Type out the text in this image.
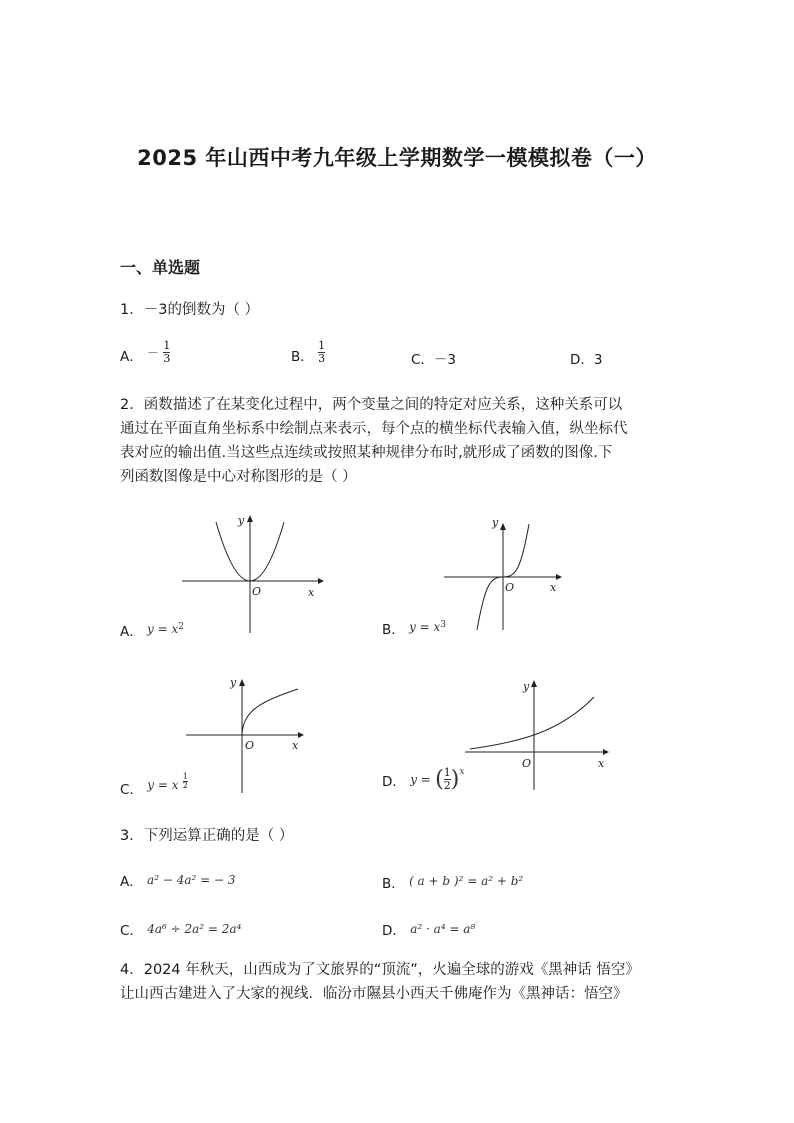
2025 年山西中考九年级上学期数学一模模拟卷（一）
一、单选题
1．－3的倒数为（ ）
A． － $\frac{1}{3}$	B． $\frac{1}{3}$	C．－3	D．3
2．函数描述了在某变化过程中，两个变量之间的特定对应关系，这种关系可以
通过在平面直角坐标系中绘制点来表示，每个点的横坐标代表输入值，纵坐标代
表对应的输出值.当这些点连续或按照某种规律分布时,就形成了函数的图像.下
列函数图像是中心对称图形的是（ ）
y
x
O
y
x
O
y
x
O
y
x
O
A． $y = x^2$	B． $y = x^3$
C． y = x $\frac{1}{2}$	D． y = ( $\frac{1}{2} )^x$
3．下列运算正确的是（ ）
A． a² − 4a² = − 3	B． ( a + b )² = a² + b²
C． 4a⁶ ÷ 2a² = 2a⁴	D． a² · a⁴ = a⁸
4．2024 年秋天，山西成为了文旅界的“顶流”，火遍全球的游戏《黑神话 悟空》
让山西古建进入了大家的视线．临汾市隰县小西天千佛庵作为《黑神话：悟空》
